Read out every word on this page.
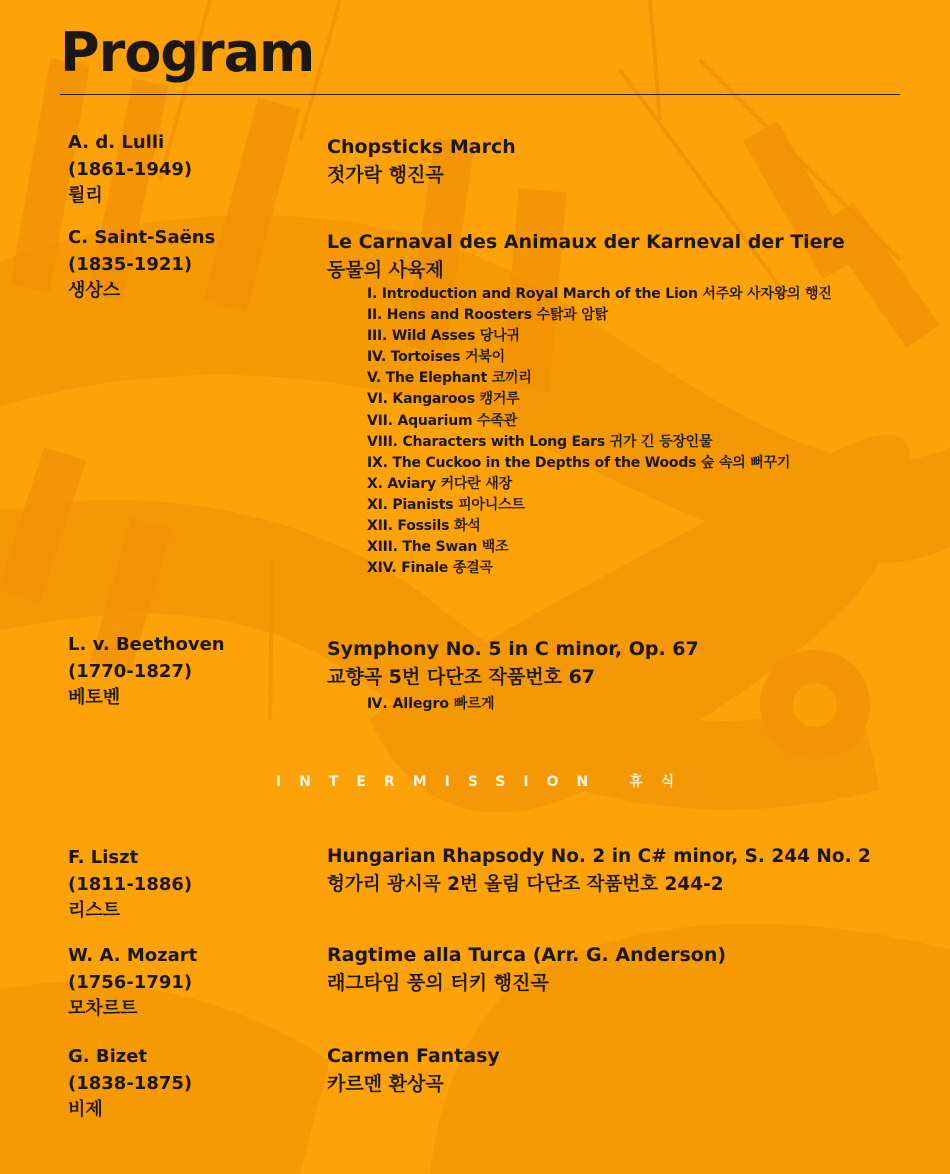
Program
A. d. Lulli
(1861-1949)
륄리
Chopsticks March
젓가락 행진곡
C. Saint-Saëns
(1835-1921)
생상스
Le Carnaval des Animaux der Karneval der Tiere
동물의 사육제
I. Introduction and Royal March of the Lion 서주와 사자왕의 행진
II. Hens and Roosters 수탉과 암탉
III. Wild Asses 당나귀
IV. Tortoises 거북이
V. The Elephant 코끼리
VI. Kangaroos 캥거루
VII. Aquarium 수족관
VIII. Characters with Long Ears 귀가 긴 등장인물
IX. The Cuckoo in the Depths of the Woods 숲 속의 뻐꾸기
X. Aviary 커다란 새장
XI. Pianists 피아니스트
XII. Fossils 화석
XIII. The Swan 백조
XIV. Finale 종결곡
L. v. Beethoven
(1770-1827)
베토벤
Symphony No. 5 in C minor, Op. 67
교향곡 5번 다단조 작품번호 67
Ⅳ. Allegro 빠르게
INTERMISSION 휴식
F. Liszt
(1811-1886)
리스트
Hungarian Rhapsody No. 2 in C# minor, S. 244 No. 2
헝가리 광시곡 2번 올림 다단조 작품번호 244-2
W. A. Mozart
(1756-1791)
모차르트
Ragtime alla Turca (Arr. G. Anderson)
래그타임 풍의 터키 행진곡
G. Bizet
(1838-1875)
비제
Carmen Fantasy
카르멘 환상곡
